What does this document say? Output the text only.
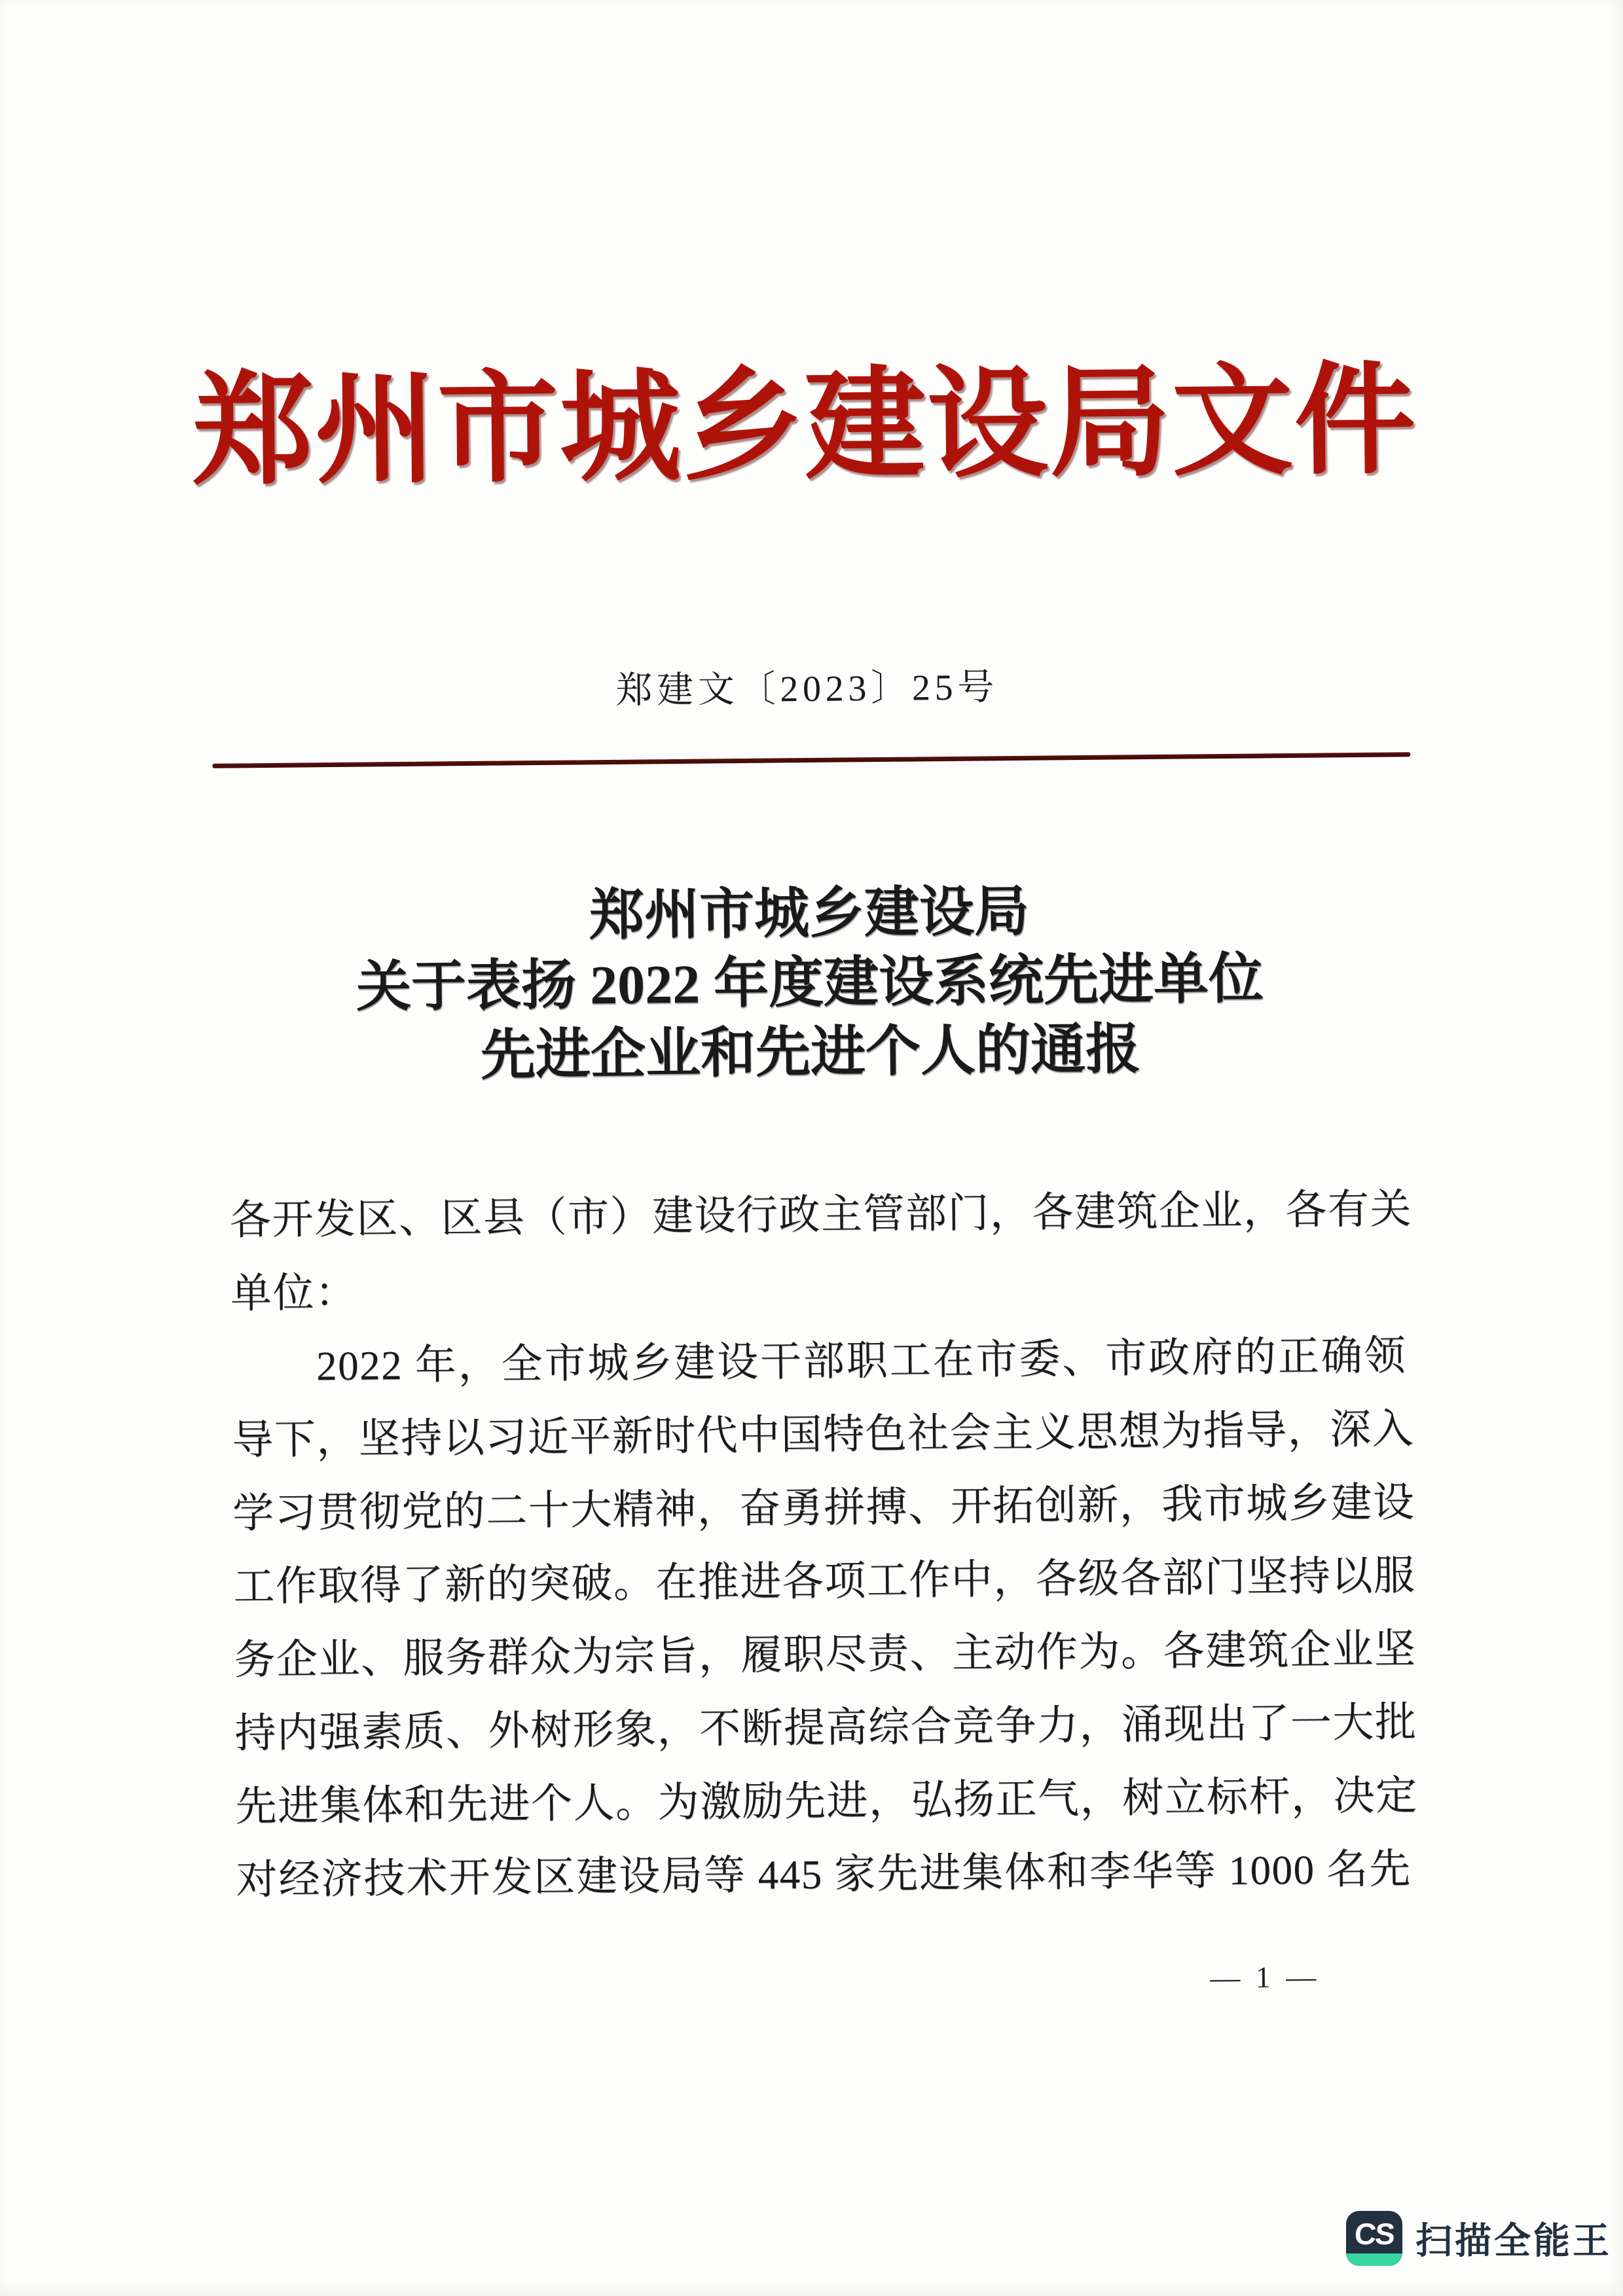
郑州市城乡建设局文件
郑建文〔2023〕25号
郑州市城乡建设局
关于表扬 2022 年度建设系统先进单位
先进企业和先进个人的通报
各开发区、区县（市）建设行政主管部门，各建筑企业，各有关
单位：
2022 年，全市城乡建设干部职工在市委、市政府的正确领
导下，坚持以习近平新时代中国特色社会主义思想为指导，深入
学习贯彻党的二十大精神，奋勇拼搏、开拓创新，我市城乡建设
工作取得了新的突破。在推进各项工作中，各级各部门坚持以服
务企业、服务群众为宗旨，履职尽责、主动作为。各建筑企业坚
持内强素质、外树形象，不断提高综合竞争力，涌现出了一大批
先进集体和先进个人。为激励先进，弘扬正气，树立标杆，决定
对经济技术开发区建设局等 445 家先进集体和李华等 1000 名先
— 1 —
CS 扫描全能王
